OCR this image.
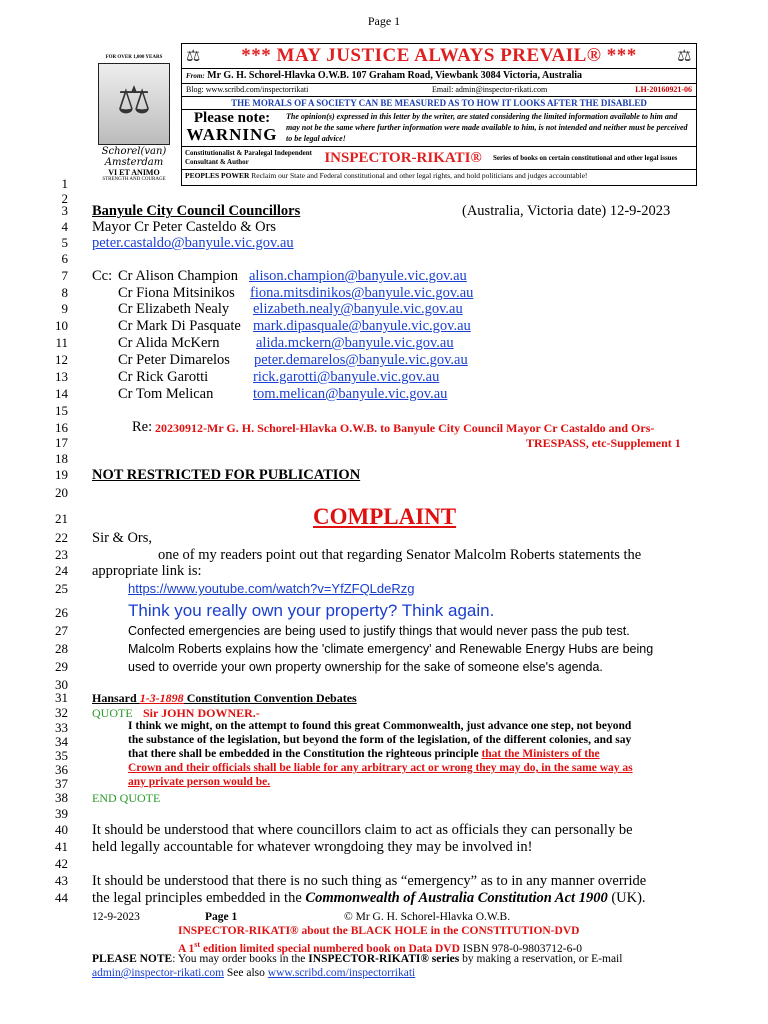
Page 1
FOR OVER 1,000 YEARS
⚖
Schorel(van) Amsterdam
VI ET ANIMO
STRENGTH AND COURAGE
⚖ *** MAY JUSTICE ALWAYS PREVAIL® ***	⚖
From: Mr G. H. Schorel-Hlavka O.W.B. 107 Graham Road, Viewbank 3084 Victoria, Australia
Blog: www.scribd.com/inspectorrikati	Email: admin@inspector-rikati.com	LH-20160921-06
THE MORALS OF A SOCIETY CAN BE MEASURED AS TO HOW IT LOOKS AFTER THE DISABLED
Please note:
WARNING
The opinion(s) expressed in this letter by the writer, are stated considering the limited information available to him and may not be the same where further information were made available to him, is not intended and neither must be perceived to be legal advice!
Constitutionalist & Paralegal Independent Consultant & Author	INSPECTOR-RIKATI®	Series of books on certain constitutional and other legal issues
PEOPLES POWER Reclaim our State and Federal constitutional and other legal rights, and hold politicians and judges accountable!
1
2
3
4
5
6
7
8
9
10
11
12
13
14
15
16
17
18
19
20
21
22
23
24
25
26
27
28
29
30
31
32
33
34
35
36
37
38
39
40
41
42
43
44
Banyule City Council Councillors	(Australia, Victoria date) 12-9-2023
Mayor Cr Peter Casteldo & Ors
peter.castaldo@banyule.vic.gov.au
Cc: Cr Alison Champion alison.champion@banyule.vic.gov.au
Cr Fiona Mitsinikos fiona.mitsdinikos@banyule.vic.gov.au
Cr Elizabeth Nealy elizabeth.nealy@banyule.vic.gov.au
Cr Mark Di Pasquate mark.dipasquale@banyule.vic.gov.au
Cr Alida McKern	alida.mckern@banyule.vic.gov.au
Cr Peter Dimarelos peter.demarelos@banyule.vic.gov.au
Cr Rick Garotti	rick.garotti@banyule.vic.gov.au
Cr Tom Melican	tom.melican@banyule.vic.gov.au
Re: 20230912-Mr G. H. Schorel-Hlavka O.W.B. to Banyule City Council Mayor Cr Castaldo and Ors-
TRESPASS, etc-Supplement 1
NOT RESTRICTED FOR PUBLICATION
COMPLAINT
Sir & Ors,
one of my readers point out that regarding Senator Malcolm Roberts statements the
appropriate link is:
https://www.youtube.com/watch?v=YfZFQLdeRzg
Think you really own your property? Think again.
Confected emergencies are being used to justify things that would never pass the pub test.
Malcolm Roberts explains how the 'climate emergency' and Renewable Energy Hubs are being
used to override your own property ownership for the sake of someone else's agenda.
Hansard 1-3-1898 Constitution Convention Debates
QUOTE Sir JOHN DOWNER.-
I think we might, on the attempt to found this great Commonwealth, just advance one step, not beyond
the substance of the legislation, but beyond the form of the legislation, of the different colonies, and say
that there shall be embedded in the Constitution the righteous principle that the Ministers of the
Crown and their officials shall be liable for any arbitrary act or wrong they may do, in the same way as
any private person would be.
END QUOTE
It should be understood that where councillors claim to act as officials they can personally be
held legally accountable for whatever wrongdoing they may be involved in!
It should be understood that there is no such thing as “emergency” as to in any manner override
the legal principles embedded in the Commonwealth of Australia Constitution Act 1900 (UK).
12-9-2023	Page 1	© Mr G. H. Schorel-Hlavka O.W.B.
INSPECTOR-RIKATI® about the BLACK HOLE in the CONSTITUTION-DVD
A 1st edition limited special numbered book on Data DVD ISBN 978-0-9803712-6-0
PLEASE NOTE: You may order books in the INSPECTOR-RIKATI® series by making a reservation, or E-mail
admin@inspector-rikati.com See also www.scribd.com/inspectorrikati
